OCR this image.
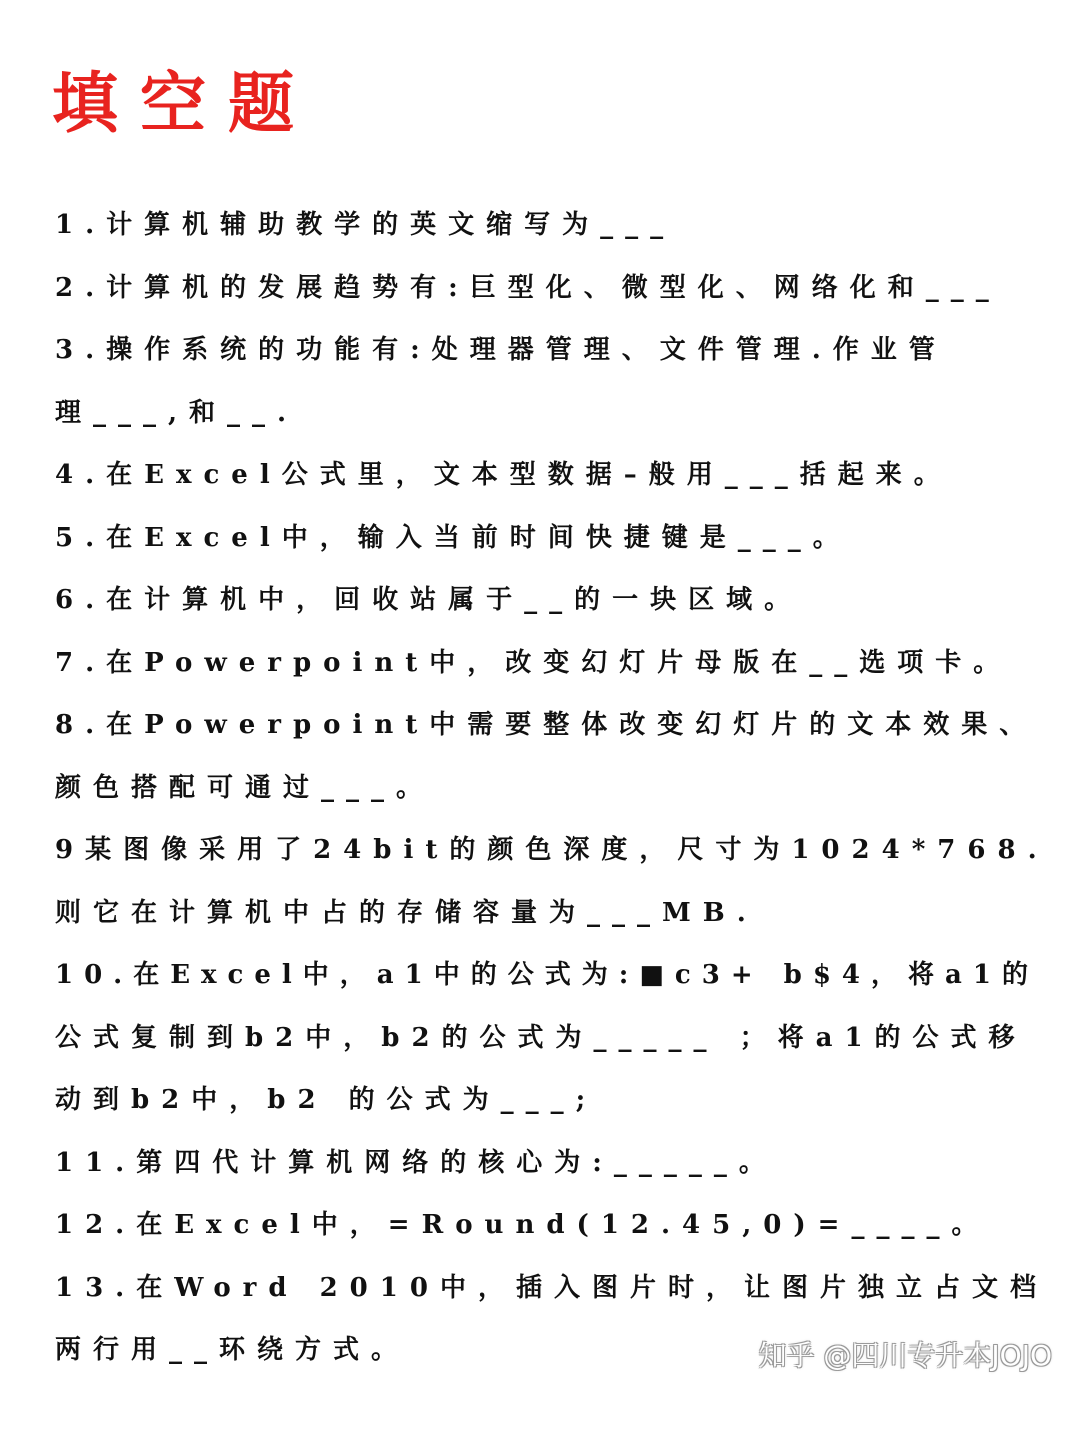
填空题
1.计算机辅助教学的英文缩写为___
2.计算机的发展趋势有:巨型化、微型化、网络化和___
3.操作系统的功能有:处理器管理、文件管理.作业管
理___,和__.
4.在Excel公式里，文本型数据–般用___括起来。
5.在Excel中，输入当前时间快捷键是___。
6.在计算机中，回收站属于__的一块区域。
7.在Powerpoint中，改变幻灯片母版在__选项卡。
8.在Powerpoint中需要整体改变幻灯片的文本效果、
颜色搭配可通过___。
9某图像采用了24bit的颜色深度，尺寸为1024*768.
则它在计算机中占的存储容量为___MB.
10.在Excel中，a1中的公式为:■c3+ b$4，将a1的
公式复制到b2中，b2的公式为_____ ；将a1的公式移
动到b2中，b2 的公式为___;
11.第四代计算机网络的核心为:_____。
12.在Excel中，=Round(12.45,0)=____。
13.在Word 2010中，插入图片时，让图片独立占文档
两行用__环绕方式。	知乎 @四川专升本JOJO
